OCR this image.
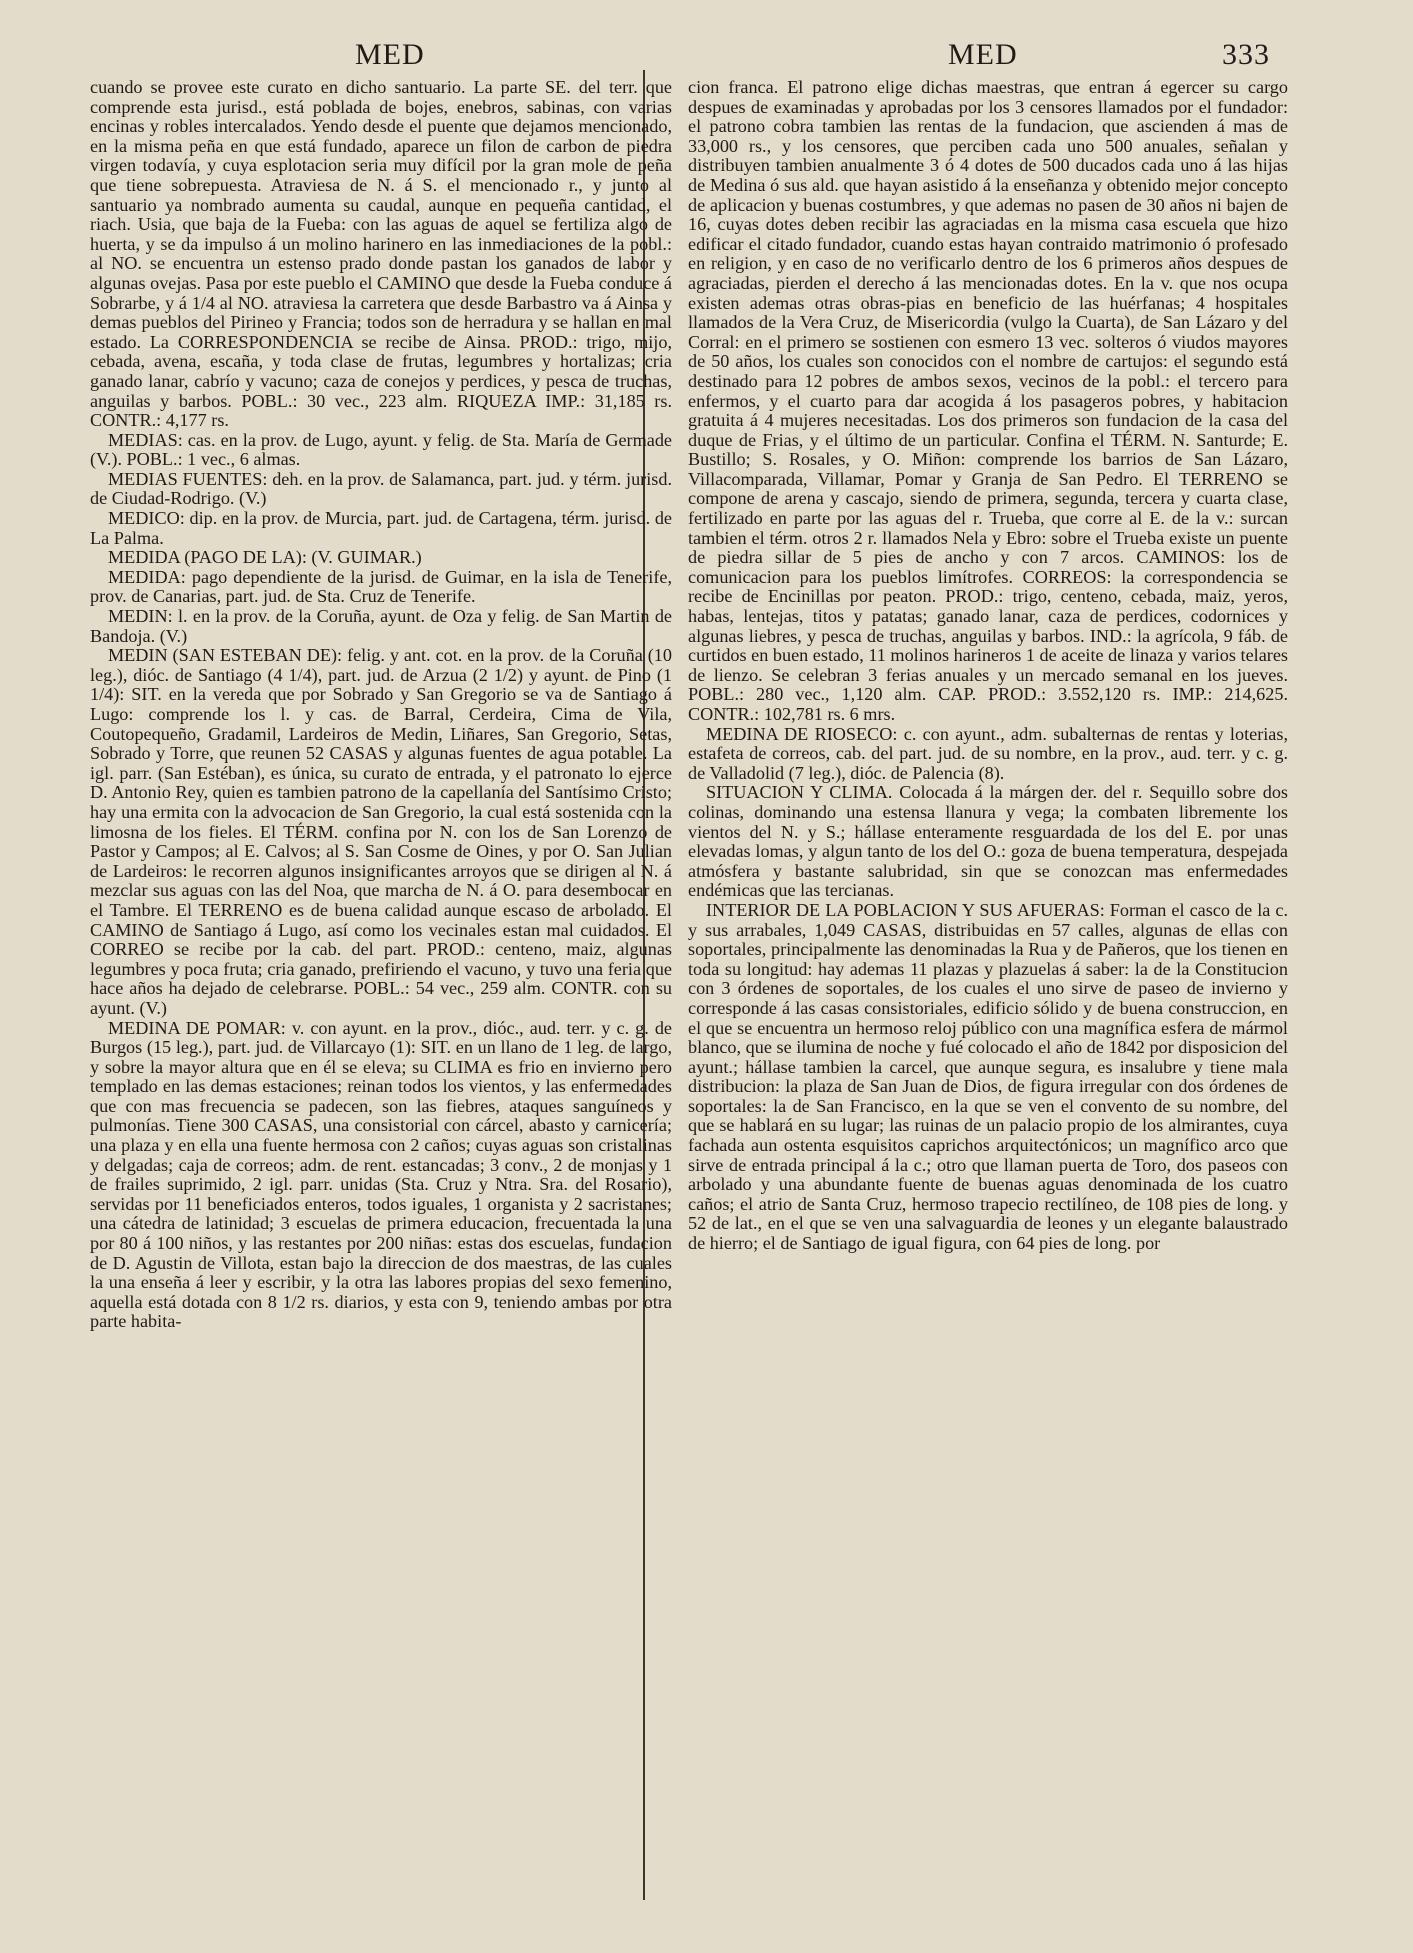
MED	MED	333

cuando se provee este curato en dicho santuario. La parte SE. del terr. que comprende esta jurisd., está poblada de bojes, enebros, sabinas, con varias encinas y robles intercalados. Yendo desde el puente que dejamos mencionado, en la misma peña en que está fundado, aparece un filon de carbon de piedra virgen todavía, y cuya esplotacion seria muy difícil por la gran mole de peña que tiene sobrepuesta. Atraviesa de N. á S. el mencionado r., y junto al santuario ya nombrado aumenta su caudal, aunque en pequeña cantidad, el riach. Usia, que baja de la Fueba: con las aguas de aquel se fertiliza algo de huerta, y se da impulso á un molino harinero en las inmediaciones de la pobl.: al NO. se encuentra un estenso prado donde pastan los ganados de labor y algunas ovejas. Pasa por este pueblo el CAMINO que desde la Fueba conduce á Sobrarbe, y á 1/4 al NO. atraviesa la carretera que desde Barbastro va á Ainsa y demas pueblos del Pirineo y Francia; todos son de herradura y se hallan en mal estado. La CORRESPONDENCIA se recibe de Ainsa. PROD.: trigo, mijo, cebada, avena, escaña, y toda clase de frutas, legumbres y hortalizas; cria ganado lanar, cabrío y vacuno; caza de conejos y perdices, y pesca de truchas, anguilas y barbos. POBL.: 30 vec., 223 alm. RIQUEZA IMP.: 31,185 rs. CONTR.: 4,177 rs.

MEDIAS: cas. en la prov. de Lugo, ayunt. y felig. de Sta. María de Germade (V.). POBL.: 1 vec., 6 almas.

MEDIAS FUENTES: deh. en la prov. de Salamanca, part. jud. y térm. jurisd. de Ciudad-Rodrigo. (V.)

MEDICO: dip. en la prov. de Murcia, part. jud. de Cartagena, térm. jurisd. de La Palma.

MEDIDA (PAGO DE LA): (V. GUIMAR.)

MEDIDA: pago dependiente de la jurisd. de Guimar, en la isla de Tenerife, prov. de Canarias, part. jud. de Sta. Cruz de Tenerife.

MEDIN: l. en la prov. de la Coruña, ayunt. de Oza y felig. de San Martin de Bandoja. (V.)

MEDIN (SAN ESTEBAN DE): felig. y ant. cot. en la prov. de la Coruña (10 leg.), dióc. de Santiago (4 1/4), part. jud. de Arzua (2 1/2) y ayunt. de Pino (1 1/4): SIT. en la vereda que por Sobrado y San Gregorio se va de Santiago á Lugo: comprende los l. y cas. de Barral, Cerdeira, Cima de Vila, Coutopequeño, Gradamil, Lardeiros de Medin, Liñares, San Gregorio, Setas, Sobrado y Torre, que reunen 52 CASAS y algunas fuentes de agua potable. La igl. parr. (San Estéban), es única, su curato de entrada, y el patronato lo ejerce D. Antonio Rey, quien es tambien patrono de la capellanía del Santísimo Cristo; hay una ermita con la advocacion de San Gregorio, la cual está sostenida con la limosna de los fieles. El TÉRM. confina por N. con los de San Lorenzo de Pastor y Campos; al E. Calvos; al S. San Cosme de Oines, y por O. San Julian de Lardeiros: le recorren algunos insignificantes arroyos que se dirigen al N. á mezclar sus aguas con las del Noa, que marcha de N. á O. para desembocar en el Tambre. El TERRENO es de buena calidad aunque escaso de arbolado. El CAMINO de Santiago á Lugo, así como los vecinales estan mal cuidados. El CORREO se recibe por la cab. del part. PROD.: centeno, maiz, algunas legumbres y poca fruta; cria ganado, prefiriendo el vacuno, y tuvo una feria que hace años ha dejado de celebrarse. POBL.: 54 vec., 259 alm. CONTR. con su ayunt. (V.)

MEDINA DE POMAR: v. con ayunt. en la prov., dióc., aud. terr. y c. g. de Burgos (15 leg.), part. jud. de Villarcayo (1): SIT. en un llano de 1 leg. de largo, y sobre la mayor altura que en él se eleva; su CLIMA es frio en invierno pero templado en las demas estaciones; reinan todos los vientos, y las enfermedades que con mas frecuencia se padecen, son las fiebres, ataques sanguíneos y pulmonías. Tiene 300 CASAS, una consistorial con cárcel, abasto y carnicería; una plaza y en ella una fuente hermosa con 2 caños; cuyas aguas son cristalinas y delgadas; caja de correos; adm. de rent. estancadas; 3 conv., 2 de monjas y 1 de frailes suprimido, 2 igl. parr. unidas (Sta. Cruz y Ntra. Sra. del Rosario), servidas por 11 beneficiados enteros, todos iguales, 1 organista y 2 sacristanes; una cátedra de latinidad; 3 escuelas de primera educacion, frecuentada la una por 80 á 100 niños, y las restantes por 200 niñas: estas dos escuelas, fundacion de D. Agustin de Villota, estan bajo la direccion de dos maestras, de las cuales la una enseña á leer y escribir, y la otra las labores propias del sexo femenino, aquella está dotada con 8 1/2 rs. diarios, y esta con 9, teniendo ambas por otra parte habita-

cion franca. El patrono elige dichas maestras, que entran á egercer su cargo despues de examinadas y aprobadas por los 3 censores llamados por el fundador: el patrono cobra tambien las rentas de la fundacion, que ascienden á mas de 33,000 rs., y los censores, que perciben cada uno 500 anuales, señalan y distribuyen tambien anualmente 3 ó 4 dotes de 500 ducados cada uno á las hijas de Medina ó sus ald. que hayan asistido á la enseñanza y obtenido mejor concepto de aplicacion y buenas costumbres, y que ademas no pasen de 30 años ni bajen de 16, cuyas dotes deben recibir las agraciadas en la misma casa escuela que hizo edificar el citado fundador, cuando estas hayan contraido matrimonio ó profesado en religion, y en caso de no verificarlo dentro de los 6 primeros años despues de agraciadas, pierden el derecho á las mencionadas dotes. En la v. que nos ocupa existen ademas otras obras-pias en beneficio de las huérfanas; 4 hospitales llamados de la Vera Cruz, de Misericordia (vulgo la Cuarta), de San Lázaro y del Corral: en el primero se sostienen con esmero 13 vec. solteros ó viudos mayores de 50 años, los cuales son conocidos con el nombre de cartujos: el segundo está destinado para 12 pobres de ambos sexos, vecinos de la pobl.: el tercero para enfermos, y el cuarto para dar acogida á los pasageros pobres, y habitacion gratuita á 4 mujeres necesitadas. Los dos primeros son fundacion de la casa del duque de Frias, y el último de un particular. Confina el TÉRM. N. Santurde; E. Bustillo; S. Rosales, y O. Miñon: comprende los barrios de San Lázaro, Villacomparada, Villamar, Pomar y Granja de San Pedro. El TERRENO se compone de arena y cascajo, siendo de primera, segunda, tercera y cuarta clase, fertilizado en parte por las aguas del r. Trueba, que corre al E. de la v.: surcan tambien el térm. otros 2 r. llamados Nela y Ebro: sobre el Trueba existe un puente de piedra sillar de 5 pies de ancho y con 7 arcos. CAMINOS: los de comunicacion para los pueblos limítrofes. CORREOS: la correspondencia se recibe de Encinillas por peaton. PROD.: trigo, centeno, cebada, maiz, yeros, habas, lentejas, titos y patatas; ganado lanar, caza de perdices, codornices y algunas liebres, y pesca de truchas, anguilas y barbos. IND.: la agrícola, 9 fáb. de curtidos en buen estado, 11 molinos harineros 1 de aceite de linaza y varios telares de lienzo. Se celebran 3 ferias anuales y un mercado semanal en los jueves. POBL.: 280 vec., 1,120 alm. CAP. PROD.: 3.552,120 rs. IMP.: 214,625. CONTR.: 102,781 rs. 6 mrs.

MEDINA DE RIOSECO: c. con ayunt., adm. subalternas de rentas y loterias, estafeta de correos, cab. del part. jud. de su nombre, en la prov., aud. terr. y c. g. de Valladolid (7 leg.), dióc. de Palencia (8).

SITUACION Y CLIMA. Colocada á la márgen der. del r. Sequillo sobre dos colinas, dominando una estensa llanura y vega; la combaten libremente los vientos del N. y S.; hállase enteramente resguardada de los del E. por unas elevadas lomas, y algun tanto de los del O.: goza de buena temperatura, despejada atmósfera y bastante salubridad, sin que se conozcan mas enfermedades endémicas que las tercianas.

INTERIOR DE LA POBLACION Y SUS AFUERAS: Forman el casco de la c. y sus arrabales, 1,049 CASAS, distribuidas en 57 calles, algunas de ellas con soportales, principalmente las denominadas la Rua y de Pañeros, que los tienen en toda su longitud: hay ademas 11 plazas y plazuelas á saber: la de la Constitucion con 3 órdenes de soportales, de los cuales el uno sirve de paseo de invierno y corresponde á las casas consistoriales, edificio sólido y de buena construccion, en el que se encuentra un hermoso reloj público con una magnífica esfera de mármol blanco, que se ilumina de noche y fué colocado el año de 1842 por disposicion del ayunt.; hállase tambien la carcel, que aunque segura, es insalubre y tiene mala distribucion: la plaza de San Juan de Dios, de figura irregular con dos órdenes de soportales: la de San Francisco, en la que se ven el convento de su nombre, del que se hablará en su lugar; las ruinas de un palacio propio de los almirantes, cuya fachada aun ostenta esquisitos caprichos arquitectónicos; un magnífico arco que sirve de entrada principal á la c.; otro que llaman puerta de Toro, dos paseos con arbolado y una abundante fuente de buenas aguas denominada de los cuatro caños; el atrio de Santa Cruz, hermoso trapecio rectilíneo, de 108 pies de long. y 52 de lat., en el que se ven una salvaguardia de leones y un elegante balaustrado de hierro; el de Santiago de igual figura, con 64 pies de long. por
